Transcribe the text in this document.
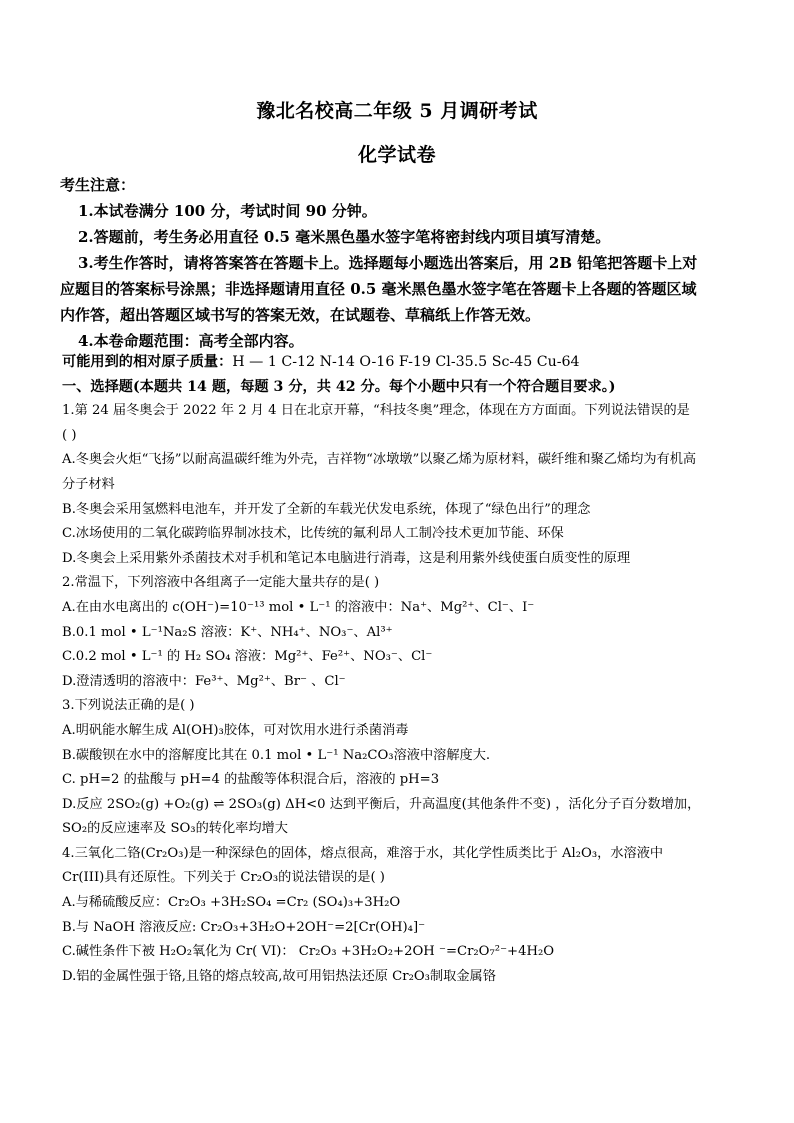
豫北名校高二年级 5 月调研考试
化学试卷
考生注意：
1.本试卷满分 100 分，考试时间 90 分钟。
2.答题前，考生务必用直径 0.5 毫米黑色墨水签字笔将密封线内项目填写清楚。
3.考生作答时，请将答案答在答题卡上。选择题每小题选出答案后，用 2B 铅笔把答题卡上对
应题目的答案标号涂黑；非选择题请用直径 0.5 毫米黑色墨水签字笔在答题卡上各题的答题区域
内作答，超出答题区域书写的答案无效，在试题卷、草稿纸上作答无效。
4.本卷命题范围：高考全部内容。
可能用到的相对原子质量：H — 1 C-12 N-14 O-16 F-19 Cl-35.5 Sc-45 Cu-64
一、选择题(本题共 14 题，每题 3 分，共 42 分。每个小题中只有一个符合题目要求。)
1.第 24 届冬奥会于 2022 年 2 月 4 日在北京开幕，“科技冬奥”理念，体现在方方面面。下列说法错误的是
( )
A.冬奥会火炬“飞扬”以耐高温碳纤维为外壳，吉祥物“冰墩墩”以聚乙烯为原材料，碳纤维和聚乙烯均为有机高
分子材料
B.冬奥会采用氢燃料电池车，并开发了全新的车载光伏发电系统，体现了“绿色出行”的理念
C.冰场使用的二氧化碳跨临界制冰技术，比传统的氟利昂人工制冷技术更加节能、环保
D.冬奥会上采用紫外杀菌技术对手机和笔记本电脑进行消毒，这是利用紫外线使蛋白质变性的原理
2.常温下，下列溶液中各组离子一定能大量共存的是( )
A.在由水电离出的 c(OH⁻)=10⁻¹³ mol • L⁻¹ 的溶液中：Na⁺、Mg²⁺、Cl⁻、I⁻
B.0.1 mol • L⁻¹Na₂S 溶液：K⁺、NH₄⁺、NO₃⁻、Al³⁺
C.0.2 mol • L⁻¹ 的 H₂ SO₄ 溶液：Mg²⁺、Fe²⁺、NO₃⁻、Cl⁻
D.澄清透明的溶液中：Fe³⁺、Mg²⁺、Br⁻ 、Cl⁻
3.下列说法正确的是( )
A.明矾能水解生成 Al(OH)₃胶体，可对饮用水进行杀菌消毒
B.碳酸钡在水中的溶解度比其在 0.1 mol • L⁻¹ Na₂CO₃溶液中溶解度大.
C. pH=2 的盐酸与 pH=4 的盐酸等体积混合后，溶液的 pH=3
D.反应 2SO₂(g) +O₂(g) ⇌ 2SO₃(g) ΔH<0 达到平衡后，升高温度(其他条件不变) ，活化分子百分数增加，
SO₂的反应速率及 SO₃的转化率均增大
4.三氧化二铬(Cr₂O₃)是一种深绿色的固体，熔点很高，难溶于水，其化学性质类比于 Al₂O₃，水溶液中
Cr(III)具有还原性。下列关于 Cr₂O₃的说法错误的是( )
A.与稀硫酸反应：Cr₂O₃ +3H₂SO₄ =Cr₂ (SO₄)₃+3H₂O
B.与 NaOH 溶液反应: Cr₂O₃+3H₂O+2OH⁻=2[Cr(OH)₄]⁻
C.碱性条件下被 H₂O₂氧化为 Cr( VI)： Cr₂O₃ +3H₂O₂+2OH ⁻=Cr₂O₇²⁻+4H₂O
D.铝的金属性强于铬,且铬的熔点较高,故可用铝热法还原 Cr₂O₃制取金属铬
